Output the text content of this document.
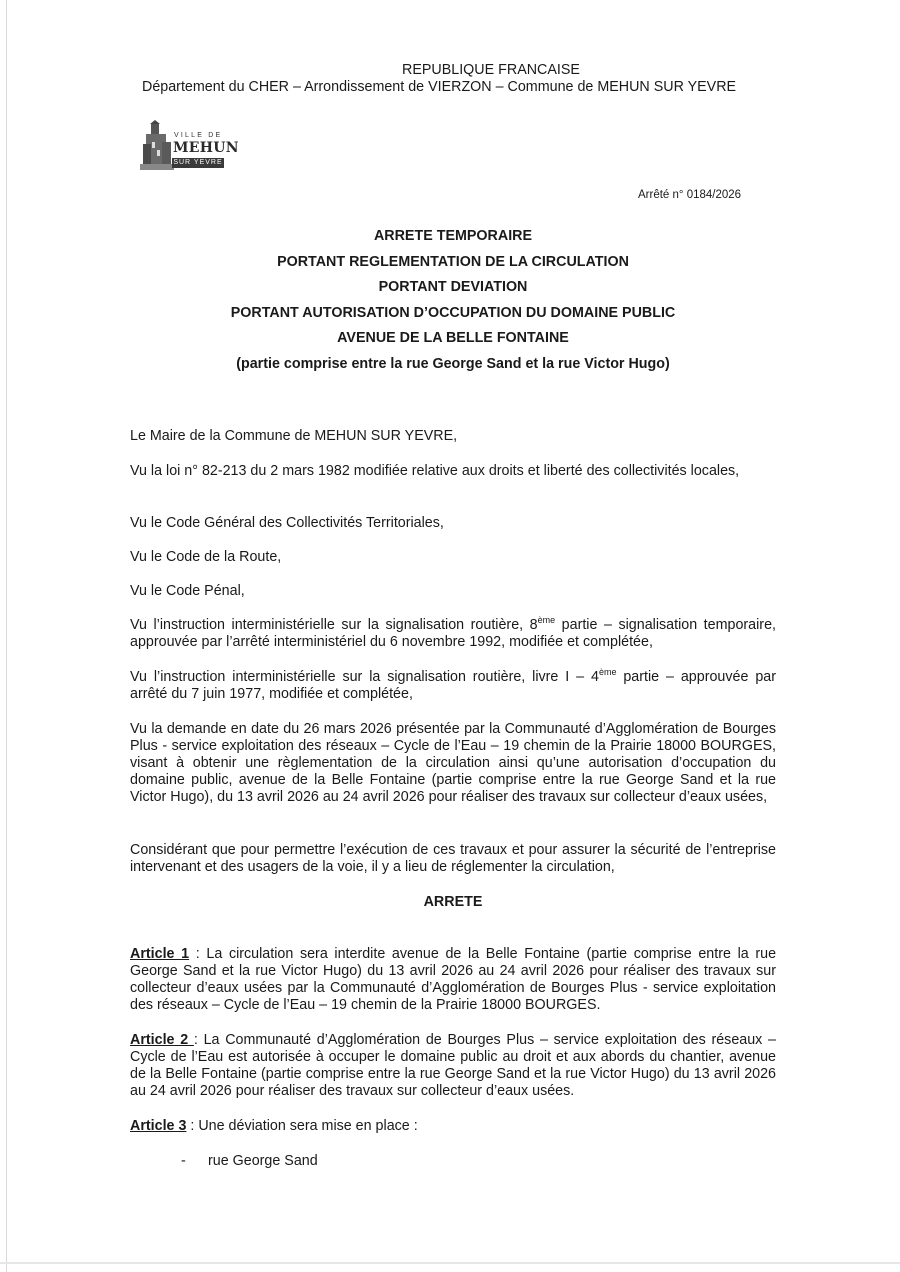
REPUBLIQUE FRANCAISE
Département du CHER – Arrondissement de VIERZON – Commune de MEHUN SUR YEVRE
VILLE DE
MEHUN
SUR YEVRE
Arrêté n° 0184/2026
ARRETE TEMPORAIRE
PORTANT REGLEMENTATION DE LA CIRCULATION
PORTANT DEVIATION
PORTANT AUTORISATION D’OCCUPATION DU DOMAINE PUBLIC
AVENUE DE LA BELLE FONTAINE
(partie comprise entre la rue George Sand et la rue Victor Hugo)
Le Maire de la Commune de MEHUN SUR YEVRE,
Vu la loi n° 82-213 du 2 mars 1982 modifiée relative aux droits et liberté des collectivités locales,
Vu le Code Général des Collectivités Territoriales,
Vu le Code de la Route,
Vu le Code Pénal,
Vu l’instruction interministérielle sur la signalisation routière, 8ème partie – signalisation temporaire, approuvée par l’arrêté interministériel du 6 novembre 1992, modifiée et complétée,
Vu l’instruction interministérielle sur la signalisation routière, livre I – 4ème partie – approuvée par arrêté du 7 juin 1977, modifiée et complétée,
Vu la demande en date du 26 mars 2026 présentée par la Communauté d’Agglomération de Bourges Plus - service exploitation des réseaux – Cycle de l’Eau – 19 chemin de la Prairie 18000 BOURGES, visant à obtenir une règlementation de la circulation ainsi qu’une autorisation d’occupation du domaine public, avenue de la Belle Fontaine (partie comprise entre la rue George Sand et la rue Victor Hugo), du 13 avril 2026 au 24 avril 2026 pour réaliser des travaux sur collecteur d’eaux usées,
Considérant que pour permettre l’exécution de ces travaux et pour assurer la sécurité de l’entreprise intervenant et des usagers de la voie, il y a lieu de réglementer la circulation,
ARRETE
Article 1 : La circulation sera interdite avenue de la Belle Fontaine (partie comprise entre la rue George Sand et la rue Victor Hugo) du 13 avril 2026 au 24 avril 2026 pour réaliser des travaux sur collecteur d’eaux usées par la Communauté d’Agglomération de Bourges Plus - service exploitation des réseaux – Cycle de l’Eau – 19 chemin de la Prairie 18000 BOURGES.
Article 2 : La Communauté d’Agglomération de Bourges Plus – service exploitation des réseaux – Cycle de l’Eau est autorisée à occuper le domaine public au droit et aux abords du chantier, avenue de la Belle Fontaine (partie comprise entre la rue George Sand et la rue Victor Hugo) du 13 avril 2026 au 24 avril 2026 pour réaliser des travaux sur collecteur d’eaux usées.
Article 3 : Une déviation sera mise en place :
- rue George Sand
